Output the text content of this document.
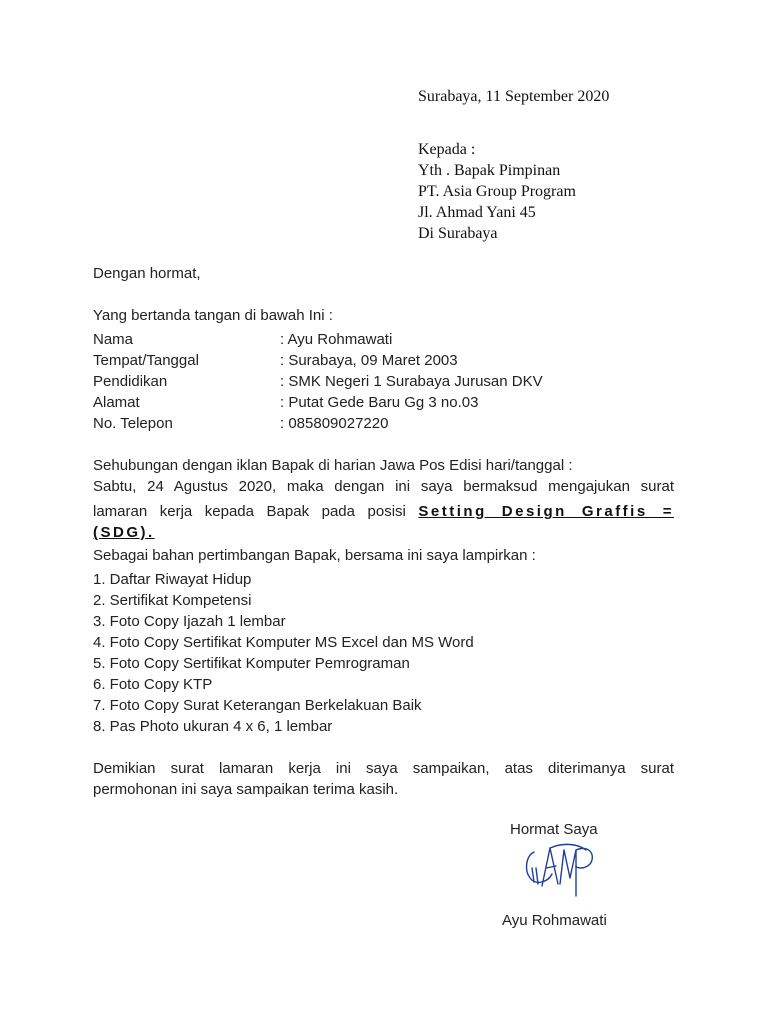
Surabaya, 11 September 2020
Kepada :
Yth . Bapak Pimpinan
PT. Asia Group Program
Jl. Ahmad Yani 45
Di Surabaya
Dengan hormat,
Yang bertanda tangan di bawah Ini :
Nama	: Ayu Rohmawati
Tempat/Tanggal	: Surabaya, 09 Maret 2003
Pendidikan	: SMK Negeri 1 Surabaya Jurusan DKV
Alamat	: Putat Gede Baru Gg 3 no.03
No. Telepon	: 085809027220
Sehubungan dengan iklan Bapak di harian Jawa Pos Edisi hari/tanggal :
Sabtu, 24 Agustus 2020, maka dengan ini saya bermaksud mengajukan surat
lamaran kerja kepada Bapak pada posisi Setting Design Graffis =
(SDG).
Sebagai bahan pertimbangan Bapak, bersama ini saya lampirkan :
1. Daftar Riwayat Hidup
2. Sertifikat Kompetensi
3. Foto Copy Ijazah 1 lembar
4. Foto Copy Sertifikat Komputer MS Excel dan MS Word
5. Foto Copy Sertifikat Komputer Pemrograman
6. Foto Copy KTP
7. Foto Copy Surat Keterangan Berkelakuan Baik
8. Pas Photo ukuran 4 x 6, 1 lembar
Demikian surat lamaran kerja ini saya sampaikan, atas diterimanya surat
permohonan ini saya sampaikan terima kasih.
Hormat Saya
Ayu Rohmawati
